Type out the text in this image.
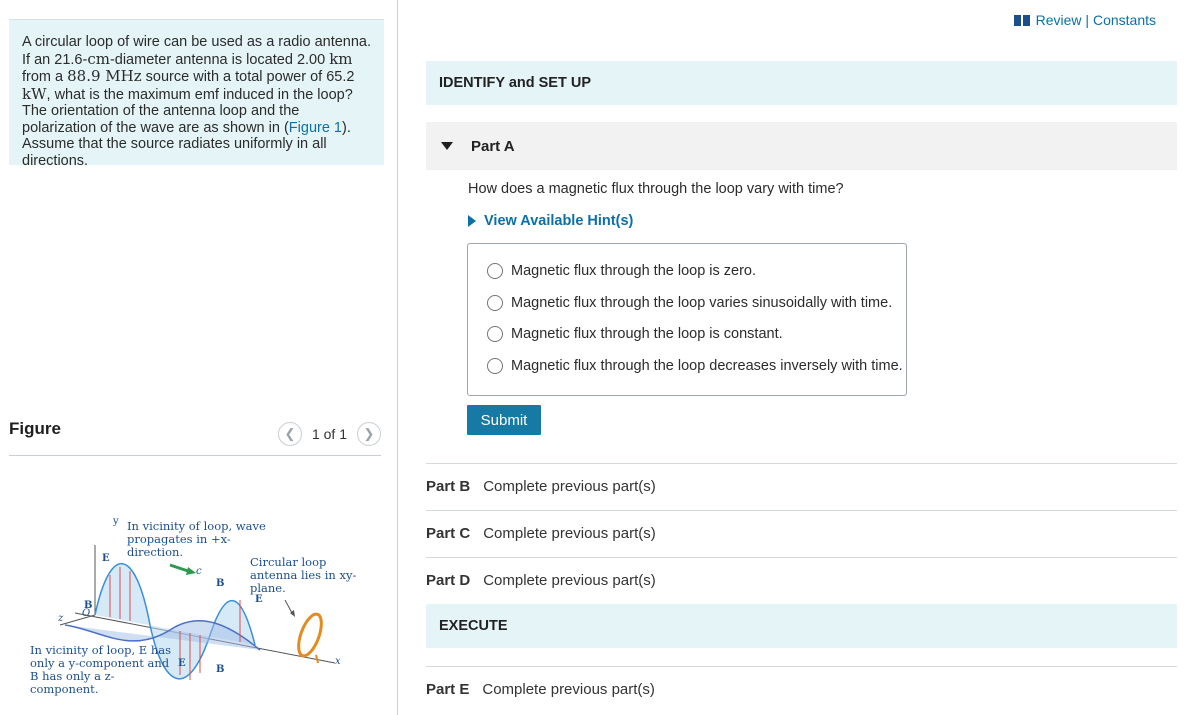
A circular loop of wire can be used as a radio antenna. If an 21.6-cm-diameter antenna is located 2.00 km from a 88.9 MHz source with a total power of 65.2 kW, what is the maximum emf induced in the loop? The orientation of the antenna loop and the polarization of the wave are as shown in (Figure 1). Assume that the source radiates uniformly in all directions.
Figure	❮	1 of 1	❯
In vicinity of loop, wave propagates in +x-direction.
Circular loop antenna lies in xy-plane.
In vicinity of loop, E has only a y-component and B has only a z-component.
y
x
z O
E
B
B
E
E
B
c
Review | Constants
IDENTIFY and SET UP
Part A
How does a magnetic flux through the loop vary with time?
View Available Hint(s)
Magnetic flux through the loop is zero.
Magnetic flux through the loop varies sinusoidally with time.
Magnetic flux through the loop is constant.
Magnetic flux through the loop decreases inversely with time.
Submit
Part B Complete previous part(s)
Part C Complete previous part(s)
Part D Complete previous part(s)
EXECUTE
Part E Complete previous part(s)
